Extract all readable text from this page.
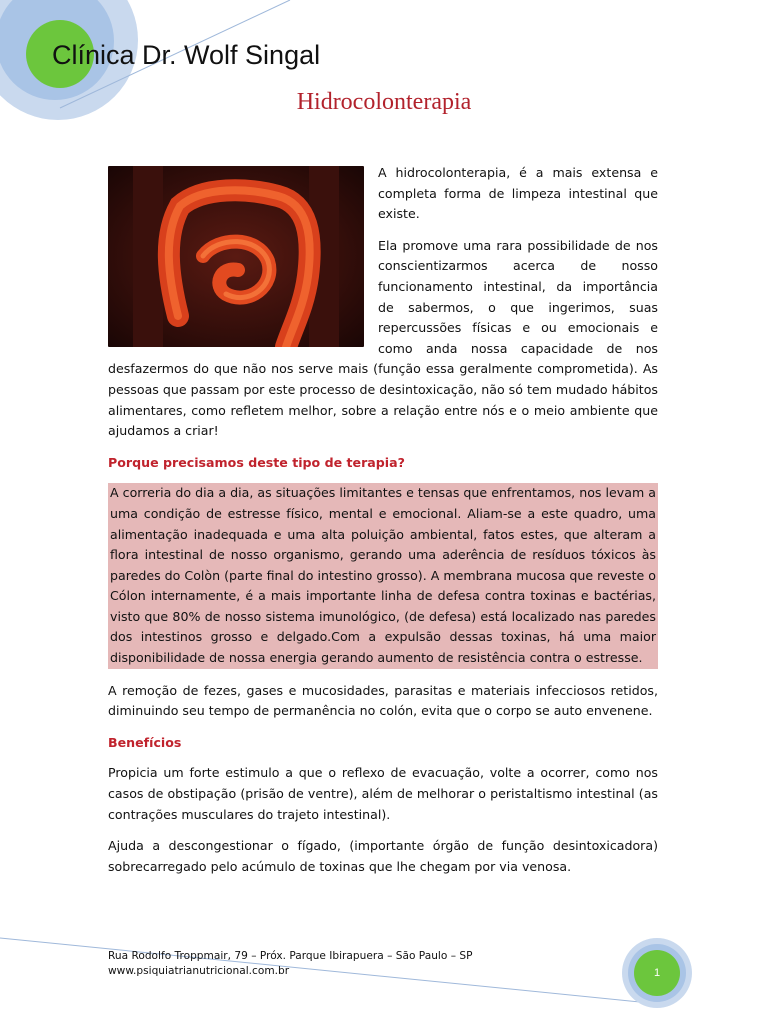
Clínica Dr. Wolf Singal
Hidrocolonterapia

A hidrocolonterapia, é a mais extensa e completa forma de limpeza intestinal que existe.

Ela promove uma rara possibilidade de nos conscientizarmos acerca de nosso funcionamento intestinal, da importância de sabermos, o que ingerimos, suas repercussões físicas e ou emocionais e como anda nossa capacidade de nos desfazermos do que não nos serve mais (função essa geralmente comprometida). As pessoas que passam por este processo de desintoxicação, não só tem mudado hábitos alimentares, como refletem melhor, sobre a relação entre nós e o meio ambiente que ajudamos a criar!

Porque precisamos deste tipo de terapia?

A correria do dia a dia, as situações limitantes e tensas que enfrentamos, nos levam a uma condição de estresse físico, mental e emocional. Aliam-se a este quadro, uma alimentação inadequada e uma alta poluição ambiental, fatos estes, que alteram a flora intestinal de nosso organismo, gerando uma aderência de resíduos tóxicos às paredes do Colòn (parte final do intestino grosso). A membrana mucosa que reveste o Cólon internamente, é a mais importante linha de defesa contra toxinas e bactérias, visto que 80% de nosso sistema imunológico, (de defesa) está localizado nas paredes dos intestinos grosso e delgado.Com a expulsão dessas toxinas, há uma maior disponibilidade de nossa energia gerando aumento de resistência contra o estresse.

A remoção de fezes, gases e mucosidades, parasitas e materiais infecciosos retidos, diminuindo seu tempo de permanência no colón, evita que o corpo se auto envenene.

Benefícios

Propicia um forte estimulo a que o reflexo de evacuação, volte a ocorrer, como nos casos de obstipação (prisão de ventre), além de melhorar o peristaltismo intestinal (as contrações musculares do trajeto intestinal).

Ajuda a descongestionar o fígado, (importante órgão de função desintoxicadora) sobrecarregado pelo acúmulo de toxinas que lhe chegam por via venosa.

Rua Rodolfo Troppmair, 79 – Próx. Parque Ibirapuera – São Paulo – SP
www.psiquiatrianutricional.com.br	1
